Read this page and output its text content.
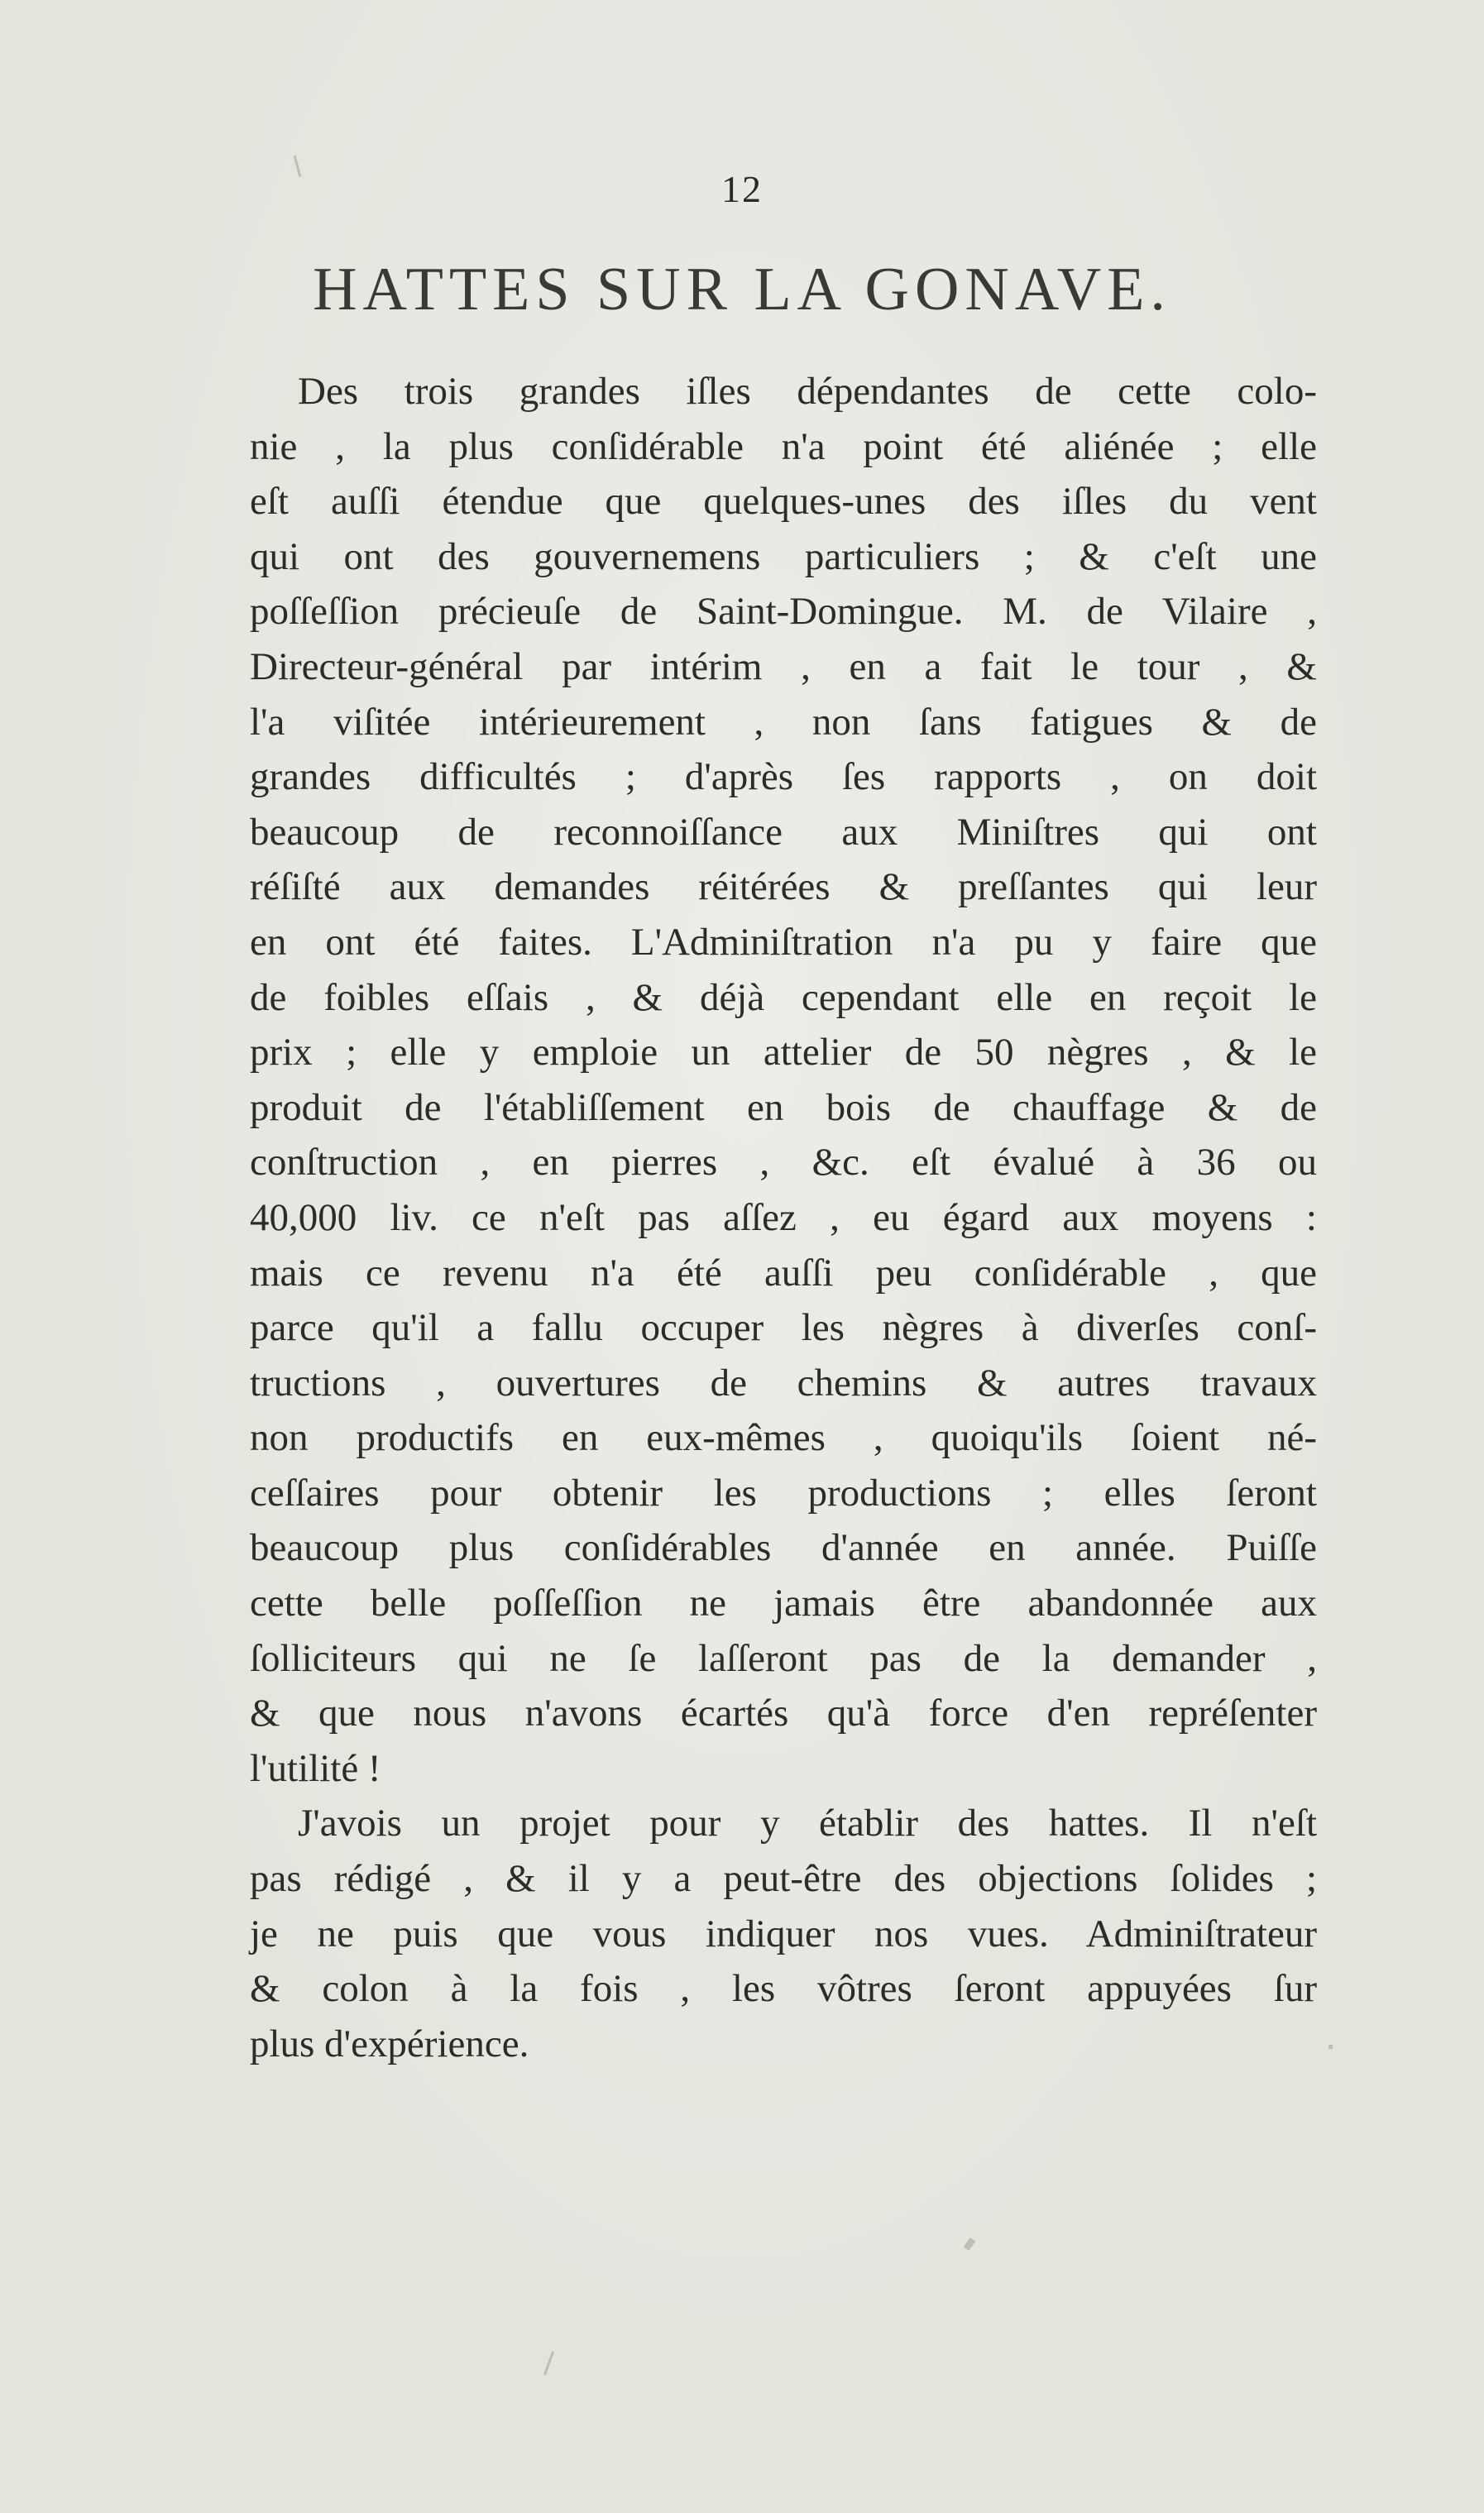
12
HATTES SUR LA GONAVE.
Des trois grandes iſles dépendantes de cette colo-
nie , la plus conſidérable n'a point été aliénée ; elle
eſt auſſi étendue que quelques-unes des iſles du vent
qui ont des gouvernemens particuliers ; & c'eſt une
poſſeſſion précieuſe de Saint-Domingue. M. de Vilaire ,
Directeur-général par intérim , en a fait le tour , &
l'a viſitée intérieurement , non ſans fatigues & de
grandes difficultés ; d'après ſes rapports , on doit
beaucoup de reconnoiſſance aux Miniſtres qui ont
réſiſté aux demandes réitérées & preſſantes qui leur
en ont été faites. L'Adminiſtration n'a pu y faire que
de foibles eſſais , & déjà cependant elle en reçoit le
prix ; elle y emploie un attelier de 50 nègres , & le
produit de l'établiſſement en bois de chauffage & de
conſtruction , en pierres , &c. eſt évalué à 36 ou
40,000 liv. ce n'eſt pas aſſez , eu égard aux moyens :
mais ce revenu n'a été auſſi peu conſidérable , que
parce qu'il a fallu occuper les nègres à diverſes conſ-
tructions , ouvertures de chemins & autres travaux
non productifs en eux-mêmes , quoiqu'ils ſoient né-
ceſſaires pour obtenir les productions ; elles ſeront
beaucoup plus conſidérables d'année en année. Puiſſe
cette belle poſſeſſion ne jamais être abandonnée aux
ſolliciteurs qui ne ſe laſſeront pas de la demander ,
& que nous n'avons écartés qu'à force d'en repréſenter
l'utilité !
J'avois un projet pour y établir des hattes. Il n'eſt
pas rédigé , & il y a peut-être des objections ſolides ;
je ne puis que vous indiquer nos vues. Adminiſtrateur
& colon à la fois , les vôtres ſeront appuyées ſur
plus d'expérience.
